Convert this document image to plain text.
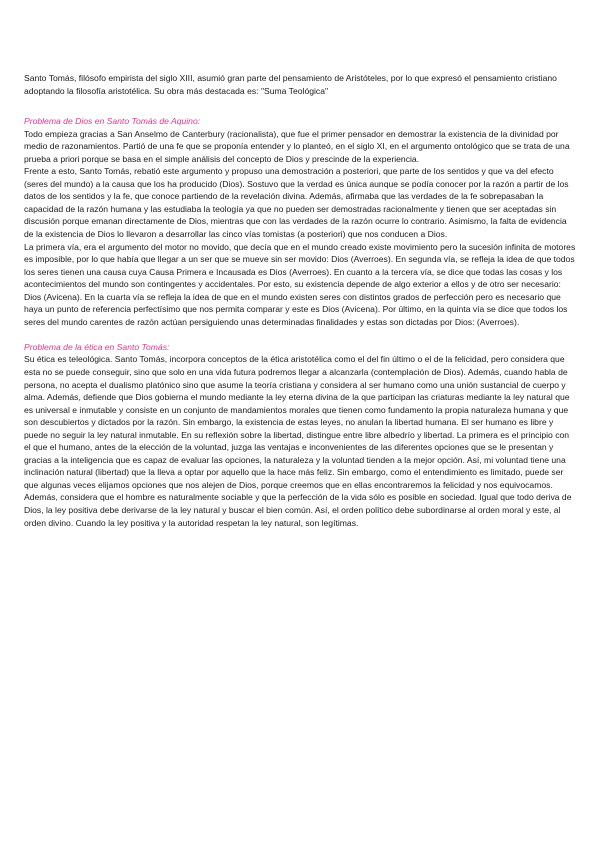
Santo Tomás, filósofo empirista del siglo XIII, asumió gran parte del pensamiento de Aristóteles, por lo que expresó el pensamiento cristiano adoptando la filosofía aristotélica. Su obra más destacada es: "Suma Teológica"

Problema de Dios en Santo Tomás de Aquino:

Todo empieza gracias a San Anselmo de Canterbury (racionalista), que fue el primer pensador en demostrar la existencia de la divinidad por medio de razonamientos. Partió de una fe que se proponía entender y lo planteó, en el siglo XI, en el argumento ontológico que se trata de una prueba a priori porque se basa en el simple análisis del concepto de Dios y prescinde de la experiencia.

Frente a esto, Santo Tomás, rebatió este argumento y propuso una demostración a posteriori, que parte de los sentidos y que va del efecto (seres del mundo) a la causa que los ha producido (Dios). Sostuvo que la verdad es única aunque se podía conocer por la razón a partir de los datos de los sentidos y la fe, que conoce partiendo de la revelación divina. Además, afirmaba que las verdades de la fe sobrepasaban la capacidad de la razón humana y las estudiaba la teología ya que no pueden ser demostradas racionalmente y tienen que ser aceptadas sin discusión porque emanan directamente de Dios, mientras que con las verdades de la razón ocurre lo contrario. Asimismo, la falta de evidencia de la existencia de Dios lo llevaron a desarrollar las cinco vías tomistas (a posteriori) que nos conducen a Dios.

La primera vía, era el argumento del motor no movido, que decía que en el mundo creado existe movimiento pero la sucesión infinita de motores es imposible, por lo que había que llegar a un ser que se mueve sin ser movido: Dios (Averroes). En segunda vía, se refleja la idea de que todos los seres tienen una causa cuya Causa Primera e Incausada es Dios (Averroes). En cuanto a la tercera vía, se dice que todas las cosas y los acontecimientos del mundo son contingentes y accidentales. Por esto, su existencia depende de algo exterior a ellos y de otro ser necesario: Dios (Avicena). En la cuarta vía se refleja la idea de que en el mundo existen seres con distintos grados de perfección pero es necesario que haya un punto de referencia perfectísimo que nos permita comparar y este es Dios (Avicena). Por último, en la quinta vía se dice que todos los seres del mundo carentes de razón actúan persiguiendo unas determinadas finalidades y estas son dictadas por Dios: (Averroes).

Problema de la ética en Santo Tomás:

Su ética es teleológica. Santo Tomás, incorpora conceptos de la ética aristotélica como el del fin último o el de la felicidad, pero considera que esta no se puede conseguir, sino que solo en una vida futura podremos llegar a alcanzarla (contemplación de Dios). Además, cuando habla de persona, no acepta el dualismo platónico sino que asume la teoría cristiana y considera al ser humano como una unión sustancial de cuerpo y alma. Además, defiende que Dios gobierna el mundo mediante la ley eterna divina de la que participan las criaturas mediante la ley natural que es universal e inmutable y consiste en un conjunto de mandamientos morales que tienen como fundamento la propia naturaleza humana y que son descubiertos y dictados por la razón. Sin embargo, la existencia de estas leyes, no anulan la libertad humana. El ser humano es libre y puede no seguir la ley natural inmutable. En su reflexión sobre la libertad, distingue entre libre albedrío y libertad. La primera es el principio con el que el humano, antes de la elección de la voluntad, juzga las ventajas e inconvenientes de las diferentes opciones que se le presentan y gracias a la inteligencia que es capaz de evaluar las opciones, la naturaleza y la voluntad tienden a la mejor opción. Así, mi voluntad tiene una inclinación natural (libertad) que la lleva a optar por aquello que la hace más feliz. Sin embargo, como el entendimiento es limitado, puede ser que algunas veces elijamos opciones que nos alejen de Dios, porque creemos que en ellas encontraremos la felicidad y nos equivocamos. Además, considera que el hombre es naturalmente sociable y que la perfección de la vida sólo es posible en sociedad. Igual que todo deriva de Dios, la ley positiva debe derivarse de la ley natural y buscar el bien común. Así, el orden político debe subordinarse al orden moral y este, al orden divino. Cuando la ley positiva y la autoridad respetan la ley natural, son legítimas.
